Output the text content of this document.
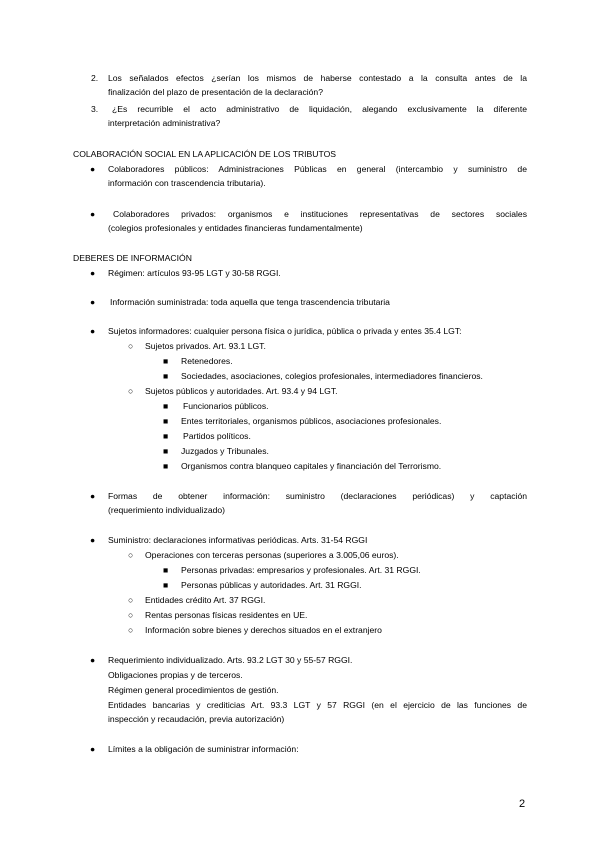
2. Los señalados efectos ¿serían los mismos de haberse contestado a la consulta antes de la
finalización del plazo de presentación de la declaración?
3. ¿Es recurrible el acto administrativo de liquidación, alegando exclusivamente la diferente
interpretación administrativa?
COLABORACIÓN SOCIAL EN LA APLICACIÓN DE LOS TRIBUTOS
● Colaboradores públicos: Administraciones Públicas en general (intercambio y suministro de
información con trascendencia tributaria).
● Colaboradores privados: organismos e instituciones representativas de sectores sociales
(colegios profesionales y entidades financieras fundamentalmente)
DEBERES DE INFORMACIÓN
● Régimen: artículos 93-95 LGT y 30-58 RGGI.
● Información suministrada: toda aquella que tenga trascendencia tributaria
● Sujetos informadores: cualquier persona física o jurídica, pública o privada y entes 35.4 LGT:
○ Sujetos privados. Art. 93.1 LGT.
■ Retenedores.
■ Sociedades, asociaciones, colegios profesionales, intermediadores financieros.
○ Sujetos públicos y autoridades. Art. 93.4 y 94 LGT.
■ Funcionarios públicos.
■ Entes territoriales, organismos públicos, asociaciones profesionales.
■ Partidos políticos.
■ Juzgados y Tribunales.
■ Organismos contra blanqueo capitales y financiación del Terrorismo.
● Formas de obtener información: suministro (declaraciones periódicas) y captación
(requerimiento individualizado)
● Suministro: declaraciones informativas periódicas. Arts. 31-54 RGGI
○ Operaciones con terceras personas (superiores a 3.005,06 euros).
■ Personas privadas: empresarios y profesionales. Art. 31 RGGI.
■ Personas públicas y autoridades. Art. 31 RGGI.
○ Entidades crédito Art. 37 RGGI.
○ Rentas personas físicas residentes en UE.
○ Información sobre bienes y derechos situados en el extranjero
● Requerimiento individualizado. Arts. 93.2 LGT 30 y 55-57 RGGI.
Obligaciones propias y de terceros.
Régimen general procedimientos de gestión.
Entidades bancarias y crediticias Art. 93.3 LGT y 57 RGGI (en el ejercicio de las funciones de
inspección y recaudación, previa autorización)
● Límites a la obligación de suministrar información:
2
